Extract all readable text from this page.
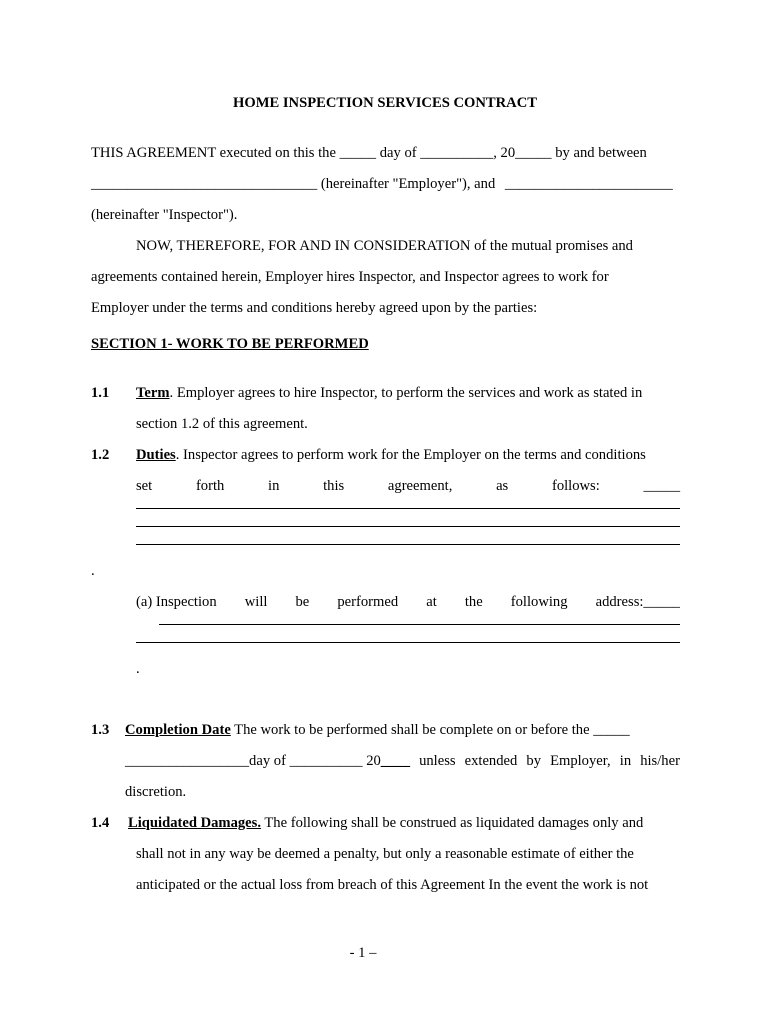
HOME INSPECTION SERVICES CONTRACT
THIS AGREEMENT executed on this the _____ day of __________, 20_____ by and between
_______________________________ (hereinafter "Employer"), and _______________________
(hereinafter "Inspector").
NOW, THEREFORE, FOR AND IN CONSIDERATION of the mutual promises and
agreements contained herein, Employer hires Inspector, and Inspector agrees to work for
Employer under the terms and conditions hereby agreed upon by the parties:
SECTION 1- WORK TO BE PERFORMED
1.1 Term. Employer agrees to hire Inspector, to perform the services and work as stated in
section 1.2 of this agreement.
1.2 Duties. Inspector agrees to perform work for the Employer on the terms and conditions
set	forth	in	this	agreement,	as	follows:	_____
.
(a) Inspection will be performed at the following address:_____
.
1.3 Completion Date The work to be performed shall be complete on or before the _____
_________________day of __________ 20____ unless extended by Employer, in his/her
discretion.
1.4 Liquidated Damages. The following shall be construed as liquidated damages only and
shall not in any way be deemed a penalty, but only a reasonable estimate of either the
anticipated or the actual loss from breach of this Agreement In the event the work is not
- 1 –
